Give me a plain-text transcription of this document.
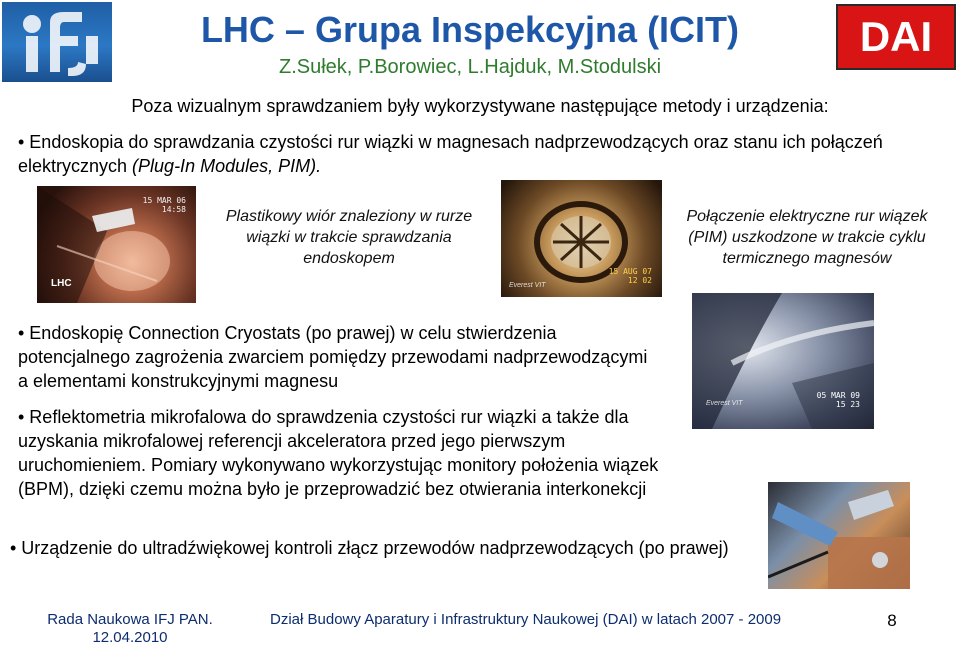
LHC – Grupa Inspekcyjna (ICIT)
Z.Sułek, P.Borowiec, L.Hajduk, M.Stodulski
DAI
Poza wizualnym sprawdzaniem były wykorzystywane następujące metody i urządzenia:
• Endoskopia do sprawdzania czystości rur wiązki w magnesach nadprzewodzących oraz stanu ich połączeń elektrycznych (Plug-In Modules, PIM).
15 MAR 06
14:58
LHC
Plastikowy wiór znaleziony w rurze wiązki w trakcie sprawdzania endoskopem
15 AUG 07
12 02
Everest VIT
Połączenie elektryczne rur wiązek (PIM) uszkodzone w trakcie cyklu termicznego magnesów
• Endoskopię Connection Cryostats (po prawej) w celu stwierdzenia potencjalnego zagrożenia zwarciem pomiędzy przewodami nadprzewodzącymi a elementami konstrukcyjnymi magnesu
• Reflektometria mikrofalowa do sprawdzenia czystości rur wiązki a także dla uzyskania mikrofalowej referencji akceleratora przed jego pierwszym uruchomieniem. Pomiary wykonywano wykorzystując monitory położenia wiązek (BPM), dzięki czemu można było je przeprowadzić bez otwierania interkonekcji
05 MAR 09
15 23
Everest VIT
• Urządzenie do ultradźwiękowej kontroli złącz przewodów nadprzewodzących (po prawej)
Rada Naukowa IFJ PAN.
12.04.2010
Dział Budowy Aparatury i Infrastruktury Naukowej (DAI) w latach 2007 - 2009	8
